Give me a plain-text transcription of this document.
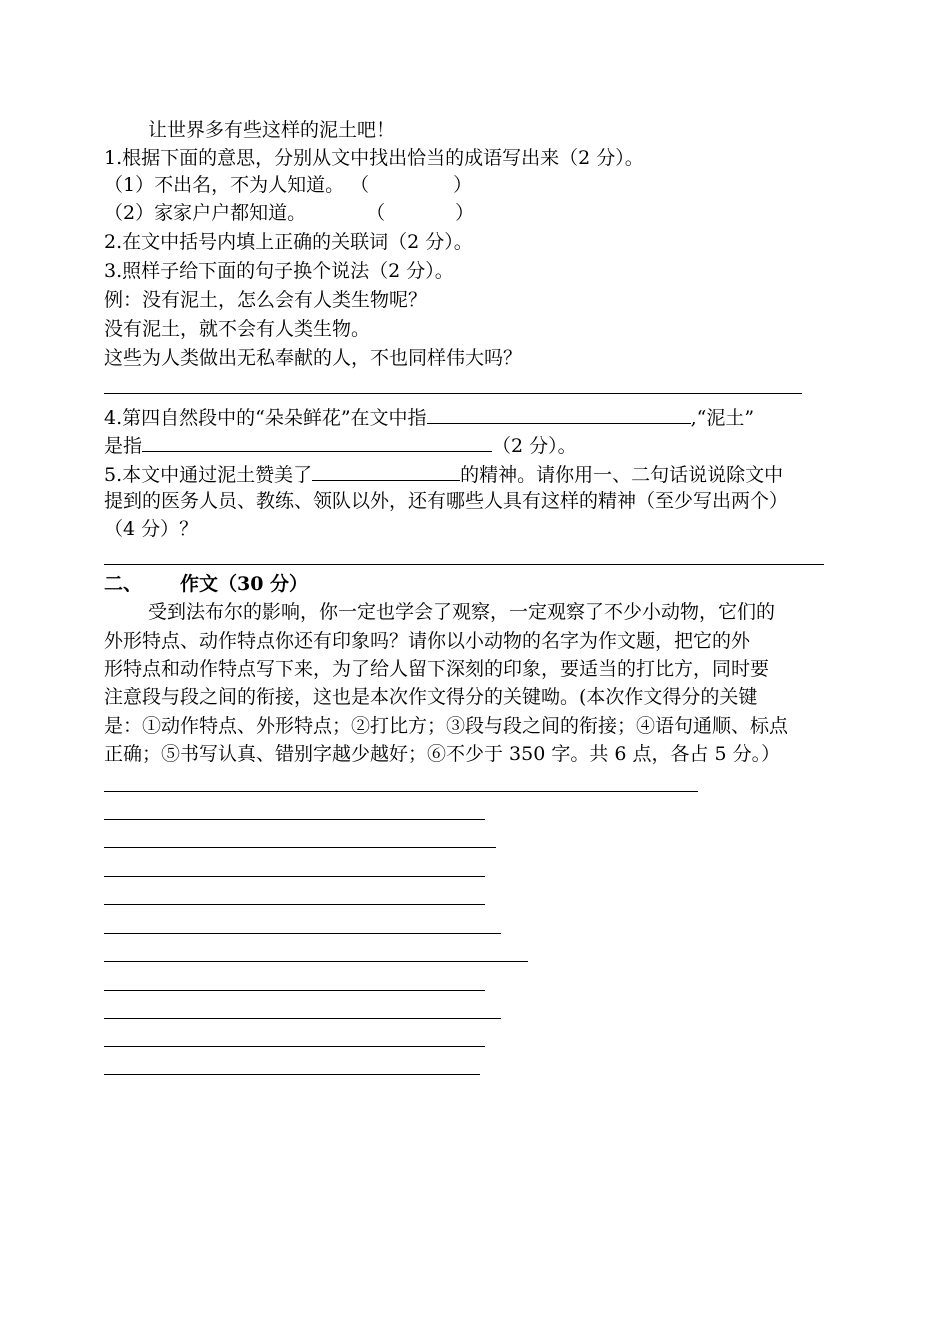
让世界多有些这样的泥土吧！
1.根据下面的意思，分别从文中找出恰当的成语写出来（2 分）。
（1）不出名，不为人知道。 （	）
（2）家家户户都知道。	（	）
2.在文中括号内填上正确的关联词（2 分）。
3.照样子给下面的句子换个说法（2 分）。
例：没有泥土，怎么会有人类生物呢？
没有泥土，就不会有人类生物。
这些为人类做出无私奉献的人，不也同样伟大吗？
4.第四自然段中的“朵朵鲜花”在文中指	,“泥土”
是指	（2 分）。
5.本文中通过泥土赞美了	的精神。请你用一、二句话说说除文中
提到的医务人员、教练、领队以外，还有哪些人具有这样的精神（至少写出两个）
（4 分）？
二、 作文（30 分）
受到法布尔的影响，你一定也学会了观察，一定观察了不少小动物，它们的
外形特点、动作特点你还有印象吗？请你以小动物的名字为作文题，把它的外
形特点和动作特点写下来，为了给人留下深刻的印象，要适当的打比方，同时要
注意段与段之间的衔接，这也是本次作文得分的关键呦。(本次作文得分的关键
是：①动作特点、外形特点；②打比方；③段与段之间的衔接；④语句通顺、标点
正确；⑤书写认真、错别字越少越好；⑥不少于 350 字。共 6 点，各占 5 分。）
